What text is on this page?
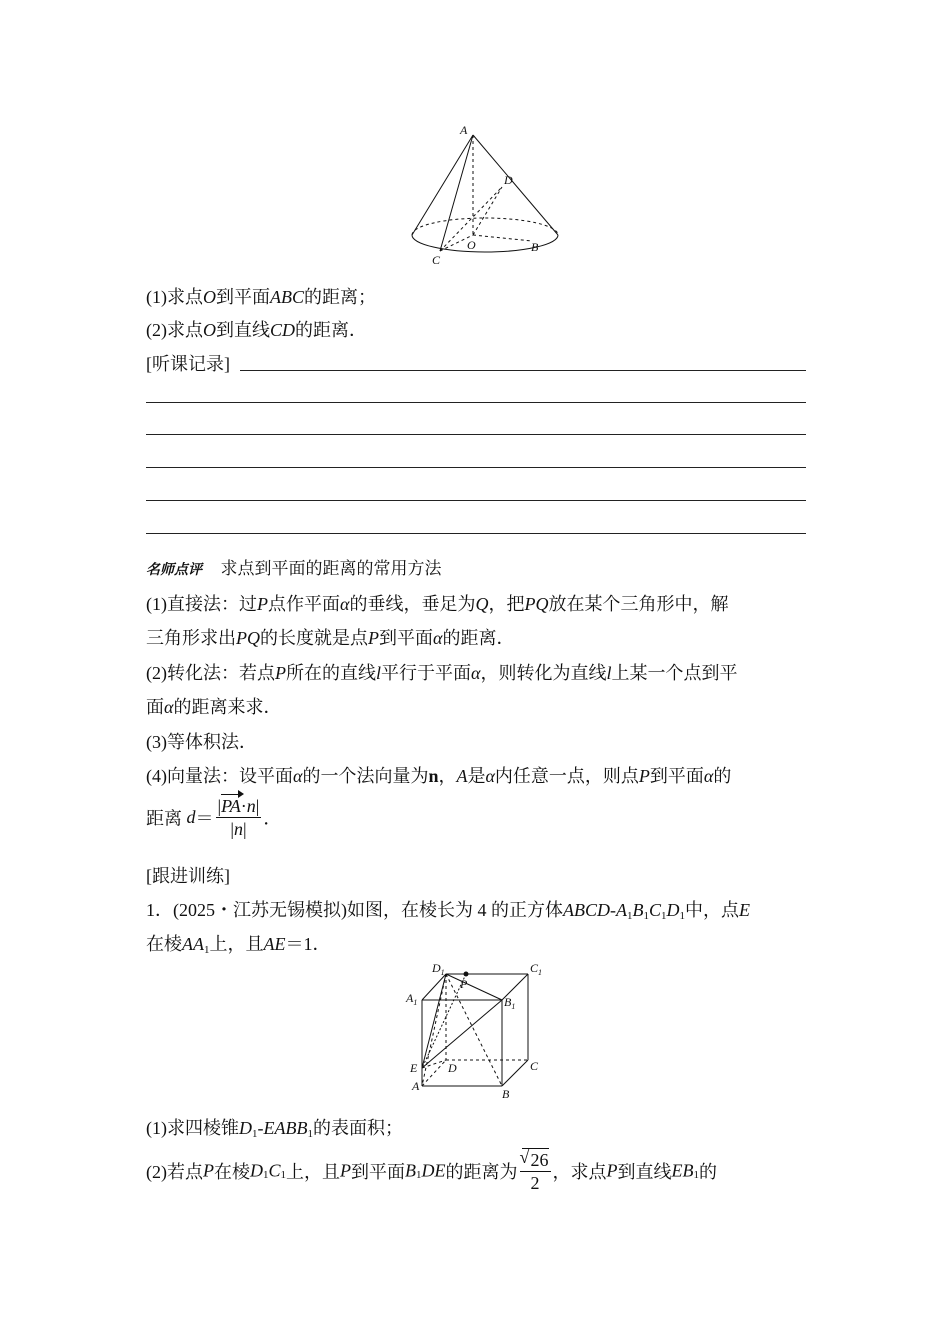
A
D
O	B
C
(1)求点O到平面ABC的距离；
(2)求点O到直线CD的距离．
[听课记录]
名师点评 求点到平面的距离的常用方法
(1)直接法：过P点作平面α的垂线，垂足为Q，把PQ放在某个三角形中，解
三角形求出PQ的长度就是点P到平面α的距离．
(2)转化法：若点P所在的直线l平行于平面α，则转化为直线l上某一个点到平
面α的距离来求．
(3)等体积法．
(4)向量法：设平面α的一个法向量为n，A是α内任意一点，则点P到平面α的
距离 $d= \frac{|PA\cdot n|}{|n|}$ ．
[跟进训练]
1．(2025・江苏无锡模拟)如图，在棱长为 4 的正方体ABCD-$A_1B_1C_1D_1$中，点E
在棱$AA_1$上，且AE＝1．
$D_1$
P
$C_1$
$A_1$	$B_1$
E	D	C
A
B
(1)求四棱锥$D_1-EABB_1$的表面积；
(2)若点P在棱$D_1C_1$上，且P到平面$B_1DE$的距离为
√ $\frac{26}{2}$ ，求点P到直线$EB_1$的
